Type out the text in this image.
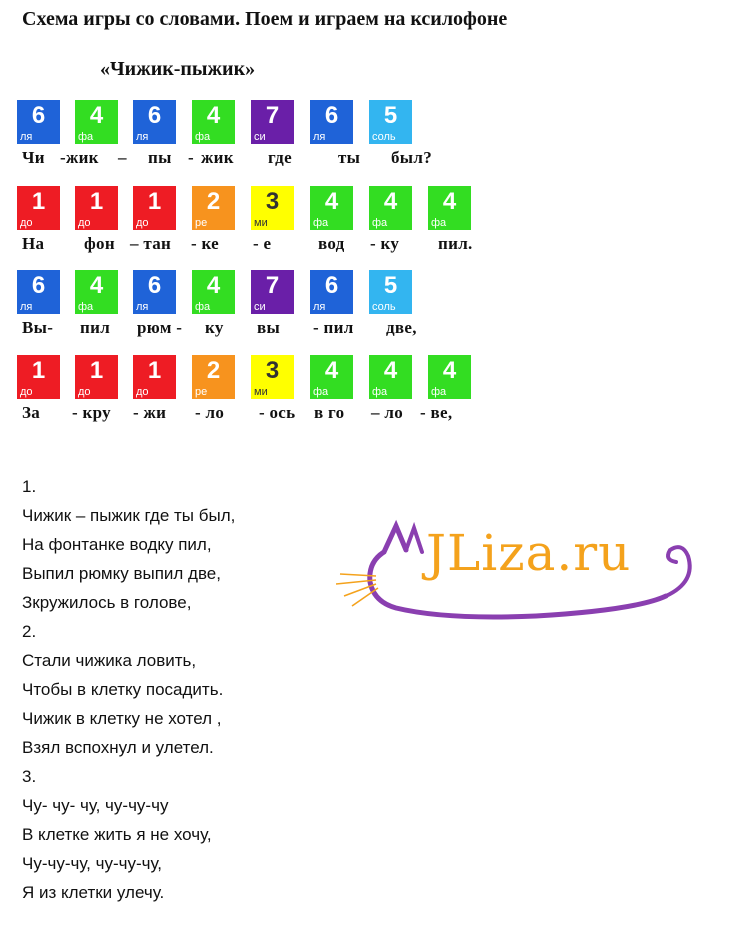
Схема игры со словами. Поем и играем на ксилофоне
«Чижик-пыжик»
6
ля
4
фа
6
ля
4
фа
7
си
6
ля
5
соль
Чи -жик – пы - жик где	ты был?
1
до
1
до
1
до
2
ре
3
ми
4
фа
4
фа
4
фа
На фон – тан - ке - е	вод - ку пил.
6
ля
4
фа
6
ля
4
фа
7
си
6
ля
5
соль
Вы- пил рюм - ку вы - пил две,
1
до
1
до
1
до
2
ре
3
ми
4
фа
4
фа
4
фа
За - кру - жи - ло - ось в го – ло - ве,
1.
Чижик – пыжик где ты был,
На фонтанке водку пил,
Выпил рюмку выпил две,
Зкружилось в голове,
2.
Стали чижика ловить,
Чтобы в клетку посадить.
Чижик в клетку не хотел ,
Взял вспохнул и улетел.
3.
Чу- чу- чу, чу-чу-чу
В клетке жить я не хочу,
Чу-чу-чу, чу-чу-чу,
Я из клетки улечу.
JLiza.ru
